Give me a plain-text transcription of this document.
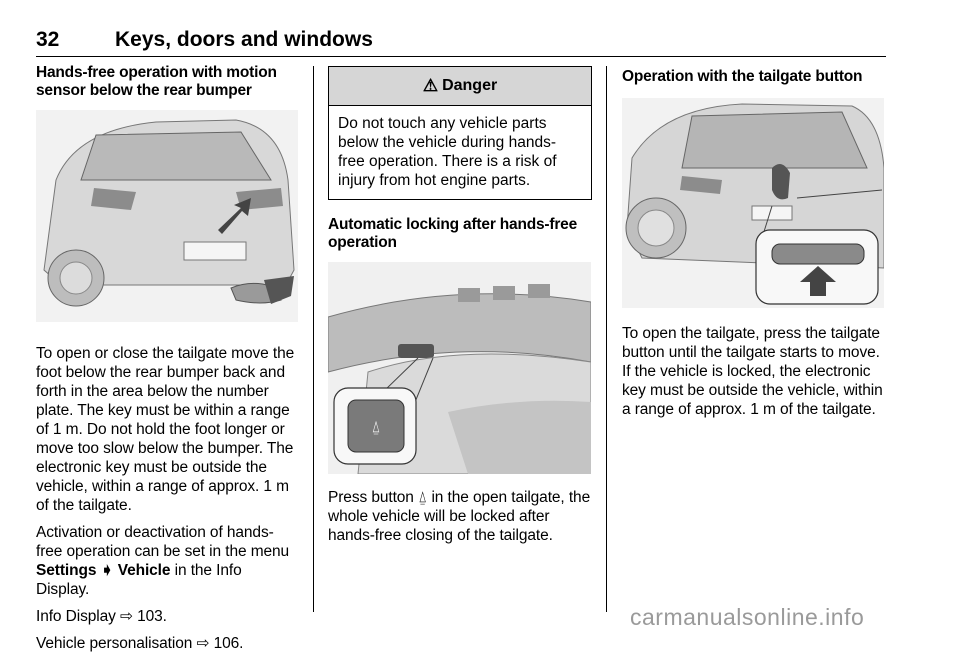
32	Keys, doors and windows
Hands-free operation with motion sensor below the rear bumper

To open or close the tailgate move the foot below the rear bumper back and forth in the area below the number plate. The key must be within a range of 1 m. Do not hold the foot longer or move too slow below the bumper. The electronic key must be outside the vehicle, within a range of approx. 1 m of the tailgate.

Activation or deactivation of hands-free operation can be set in the menu Settings ➧ Vehicle in the Info Display.

Info Display ⇨ 103.

Vehicle personalisation ⇨ 106.

⚠ Danger
Do not touch any vehicle parts below the vehicle during hands-free operation. There is a risk of injury from hot engine parts.
Automatic locking after hands-free operation
⍙

Press button ⍙ in the open tailgate, the whole vehicle will be locked after hands-free closing of the tailgate.

Operation with the tailgate button

To open the tailgate, press the tailgate button until the tailgate starts to move. If the vehicle is locked, the electronic key must be outside the vehicle, within a range of approx. 1 m of the tailgate.

carmanualsonline.info
